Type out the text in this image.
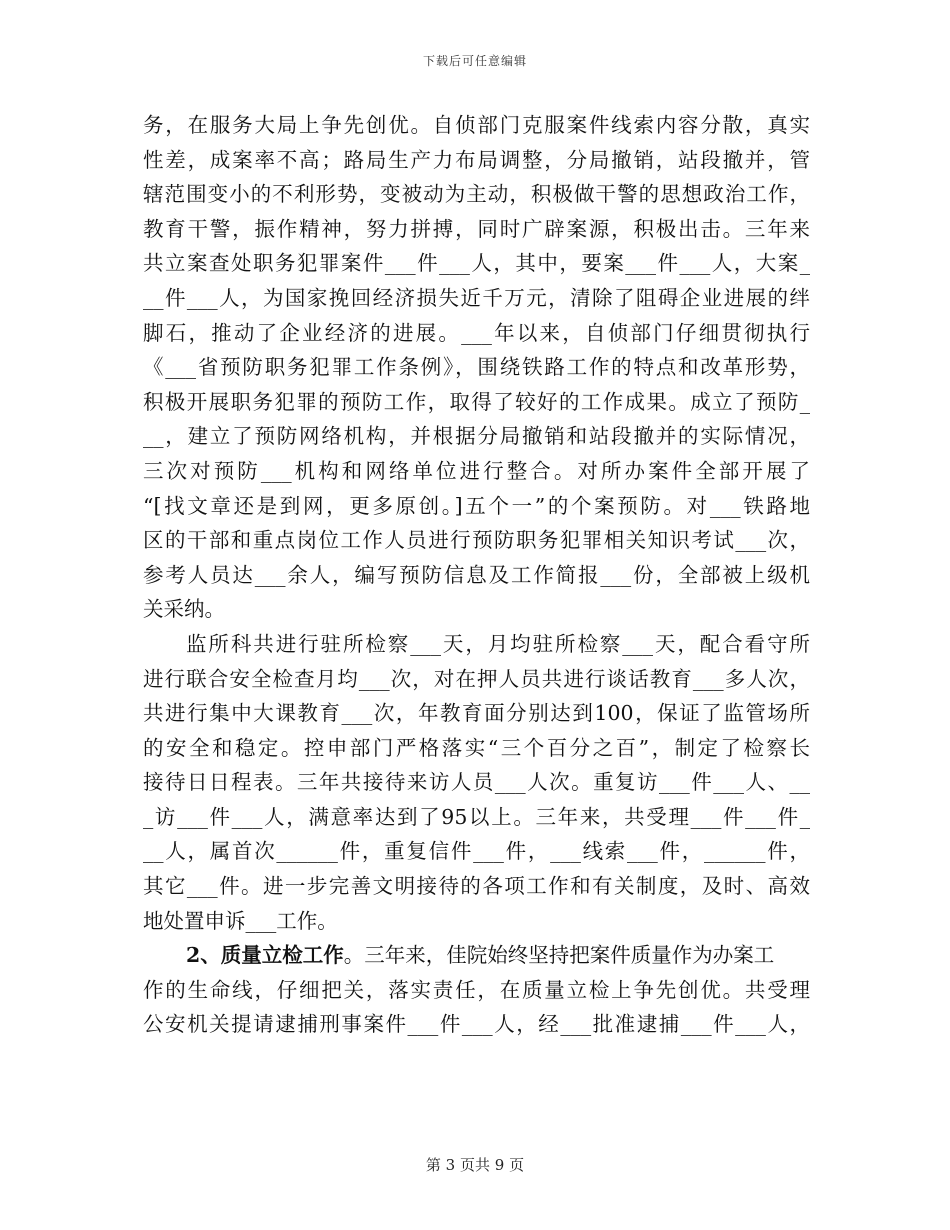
下载后可任意编辑
务，在服务大局上争先创优。自侦部门克服案件线索内容分散，真实
性差，成案率不高；路局生产力布局调整，分局撤销，站段撤并，管
辖范围变小的不利形势，变被动为主动，积极做干警的思想政治工作，
教育干警，振作精神，努力拼搏，同时广辟案源，积极出击。三年来
共立案查处职务犯罪案件___件___人，其中，要案___件___人，大案_
__件___人，为国家挽回经济损失近千万元，清除了阻碍企业进展的绊
脚石，推动了企业经济的进展。___年以来，自侦部门仔细贯彻执行
《___省预防职务犯罪工作条例》，围绕铁路工作的特点和改革形势，
积极开展职务犯罪的预防工作，取得了较好的工作成果。成立了预防_
__，建立了预防网络机构，并根据分局撤销和站段撤并的实际情况，
三次对预防___机构和网络单位进行整合。对所办案件全部开展了
“[找文章还是到网，更多原创。]五个一”的个案预防。对___铁路地
区的干部和重点岗位工作人员进行预防职务犯罪相关知识考试___次，
参考人员达___余人，编写预防信息及工作简报___份，全部被上级机
关采纳。
监所科共进行驻所检察___天，月均驻所检察___天，配合看守所
进行联合安全检查月均___次，对在押人员共进行谈话教育___多人次，
共进行集中大课教育___次，年教育面分别达到100，保证了监管场所
的安全和稳定。控申部门严格落实“三个百分之百”，制定了检察长
接待日日程表。三年共接待来访人员___人次。重复访___件___人、__
_访___件___人，满意率达到了95以上。三年来，共受理___件___件_
__人，属首次______件，重复信件___件，___线索___件，______件，
其它___件。进一步完善文明接待的各项工作和有关制度，及时、高效
地处置申诉___工作。
2、质量立检工作。三年来，佳院始终坚持把案件质量作为办案工
作的生命线，仔细把关，落实责任，在质量立检上争先创优。共受理
公安机关提请逮捕刑事案件___件___人，经___批准逮捕___件___人，
第 3 页共 9 页
